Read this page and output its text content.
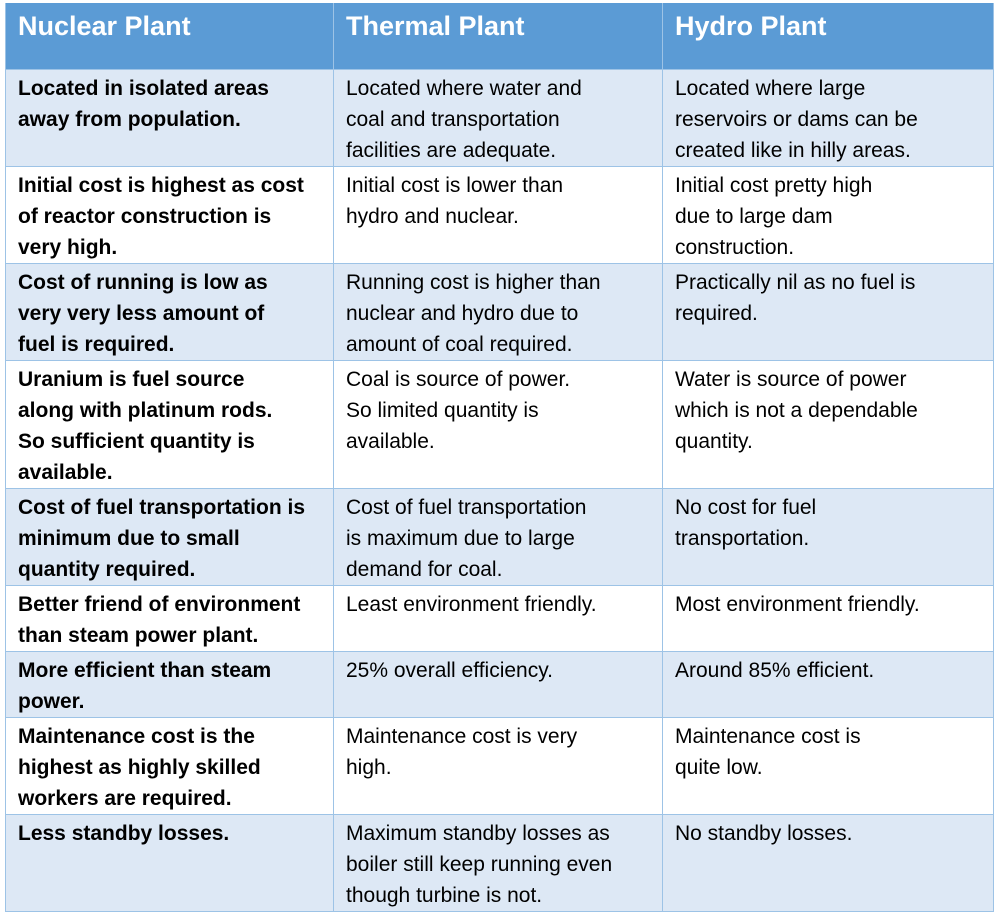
Nuclear Plant	Thermal Plant	Hydro Plant

Located in isolated areas
away from population.	Located where water and
coal and transportation
facilities are adequate.	Located where large
reservoirs or dams can be
created like in hilly areas.

Initial cost is highest as cost
of reactor construction is
very high.	Initial cost is lower than
hydro and nuclear.	Initial cost pretty high
due to large dam
construction.

Cost of running is low as
very very less amount of
fuel is required.	Running cost is higher than
nuclear and hydro due to
amount of coal required.	Practically nil as no fuel is
required.

Uranium is fuel source
along with platinum rods.
So sufficient quantity is
available.	Coal is source of power.
So limited quantity is
available.	Water is source of power
which is not a dependable
quantity.

Cost of fuel transportation is
minimum due to small
quantity required.	Cost of fuel transportation
is maximum due to large
demand for coal.	No cost for fuel
transportation.

Better friend of environment
than steam power plant.	Least environment friendly.	Most environment friendly.

More efficient than steam
power.	25% overall efficiency.	Around 85% efficient.

Maintenance cost is the
highest as highly skilled
workers are required.	Maintenance cost is very
high.	Maintenance cost is
quite low.

Less standby losses.	Maximum standby losses as
boiler still keep running even
though turbine is not.	No standby losses.
